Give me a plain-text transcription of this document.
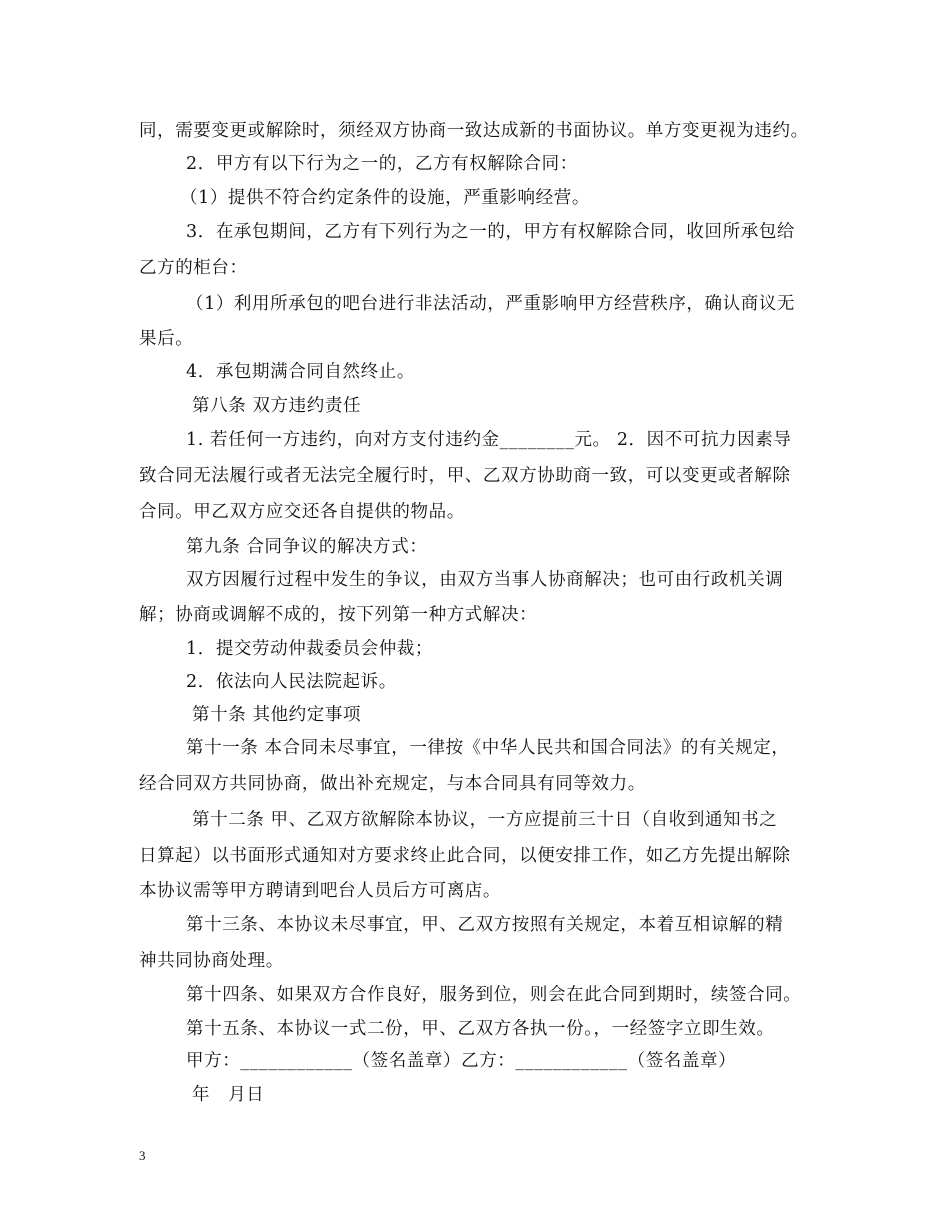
同，需要变更或解除时，须经双方协商一致达成新的书面协议。单方变更视为违约。
2．甲方有以下行为之一的，乙方有权解除合同：
（1）提供不符合约定条件的设施，严重影响经营。
3．在承包期间，乙方有下列行为之一的，甲方有权解除合同，收回所承包给
乙方的柜台：
（1）利用所承包的吧台进行非法活动，严重影响甲方经营秩序，确认商议无
果后。
4．承包期满合同自然终止。
第八条 双方违约责任
1. 若任何一方违约，向对方支付违约金________元。 2．因不可抗力因素导
致合同无法履行或者无法完全履行时，甲、乙双方协助商一致，可以变更或者解除
合同。甲乙双方应交还各自提供的物品。
第九条 合同争议的解决方式：
双方因履行过程中发生的争议，由双方当事人协商解决；也可由行政机关调
解；协商或调解不成的，按下列第一种方式解决：
1．提交劳动仲裁委员会仲裁；
2．依法向人民法院起诉。
第十条 其他约定事项
第十一条 本合同未尽事宜，一律按《中华人民共和国合同法》的有关规定，
经合同双方共同协商，做出补充规定，与本合同具有同等效力。
第十二条 甲、乙双方欲解除本协议，一方应提前三十日（自收到通知书之
日算起）以书面形式通知对方要求终止此合同，以便安排工作，如乙方先提出解除
本协议需等甲方聘请到吧台人员后方可离店。
第十三条、本协议未尽事宜，甲、乙双方按照有关规定，本着互相谅解的精
神共同协商处理。
第十四条、如果双方合作良好，服务到位，则会在此合同到期时，续签合同。
第十五条、本协议一式二份，甲、乙双方各执一份。，一经签字立即生效。
甲方：____________（签名盖章）乙方：____________（签名盖章）
年　月日
3
